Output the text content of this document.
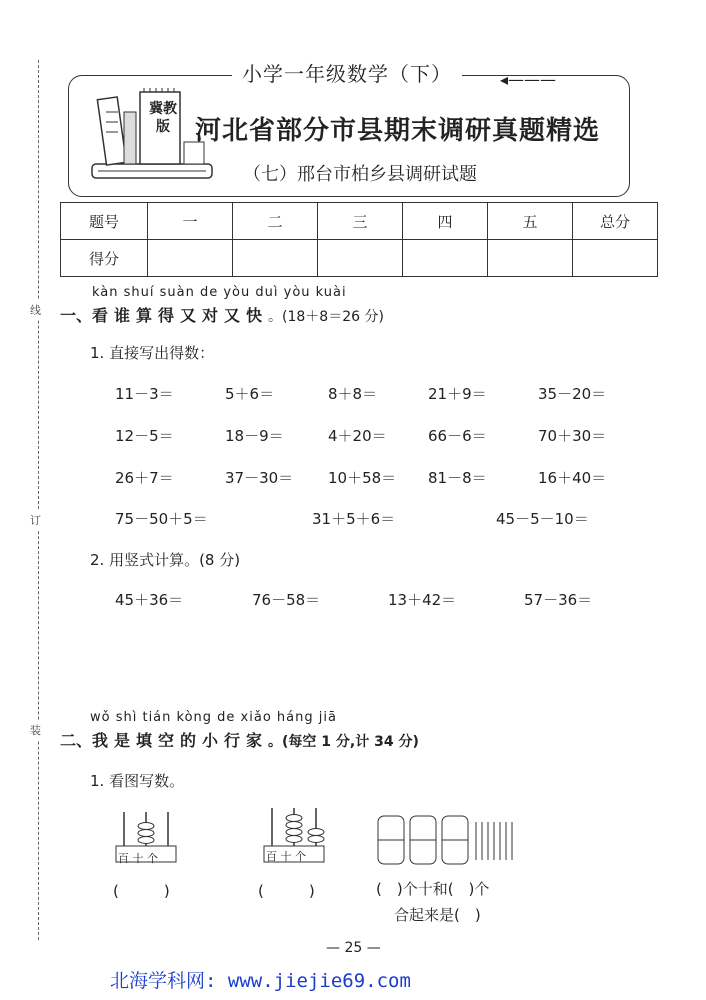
线
订
装
小学一年级数学（下）	◂———
冀教版 河北省部分市县期末调研真题精选
（七）邢台市柏乡县调研试题
题号	一	二	三	四	五	总分
得分						
kàn shuí suàn de yòu duì yòu kuài
一、看谁算得又对又快。(18＋8＝26 分)
1. 直接写出得数：
11－3＝	5＋6＝	8＋8＝	21＋9＝	35－20＝
12－5＝	18－9＝	4＋20＝	66－6＝	70＋30＝
26＋7＝	37－30＝ 10＋58＝ 81－8＝	16＋40＝
75－50＋5＝	31＋5＋6＝	45－5－10＝
2. 用竖式计算。(8 分)
45＋36＝	76－58＝	13＋42＝	57－36＝
wǒ shì tián kòng de xiǎo háng jiā
二、我是填空的小行家。(每空 1 分,计 34 分)
1. 看图写数。
百 十 个	百 十 个
(　　　)	(　　　)	(　)个十和(　)个
合起来是(　)
— 25 —
北海学科网: www.jiejie69.com
